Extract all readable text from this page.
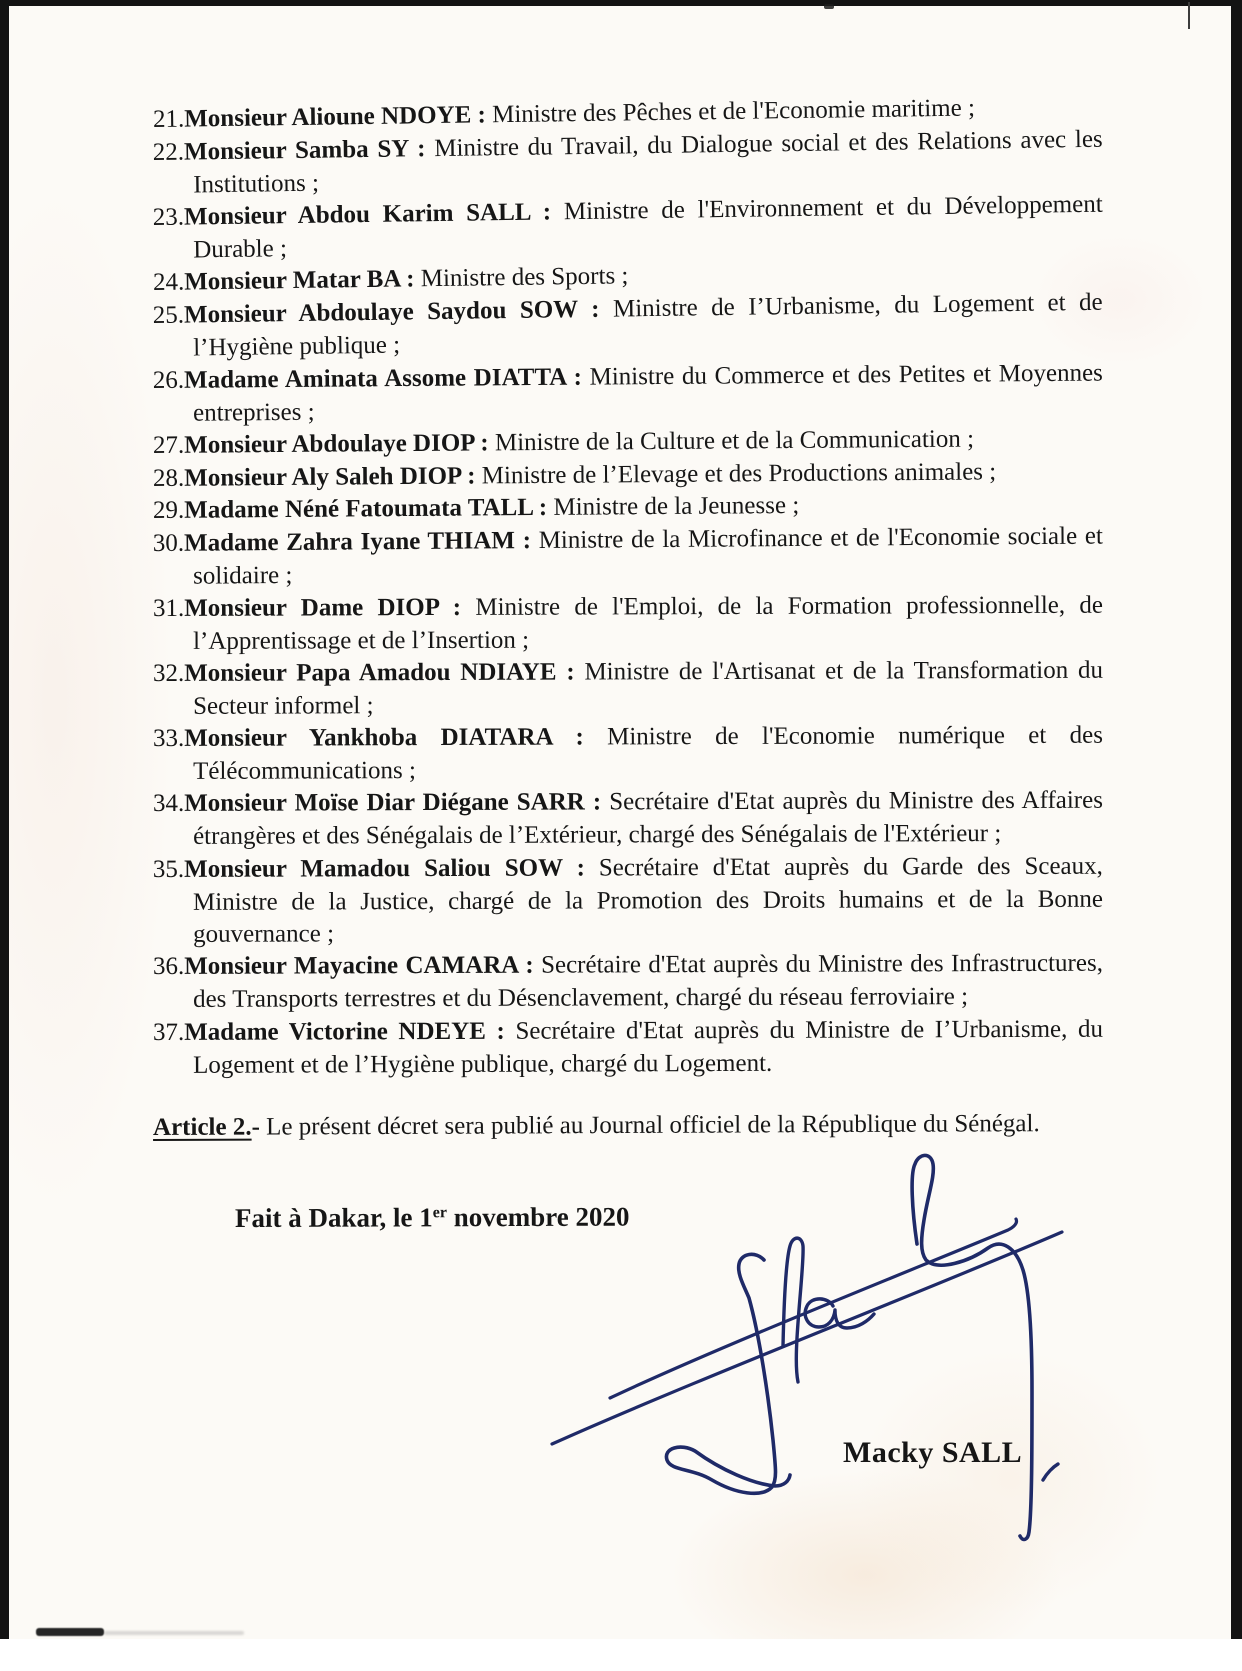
21.Monsieur Alioune NDOYE : Ministre des Pêches et de l'Economie maritime ;
22.Monsieur Samba SY : Ministre du Travail, du Dialogue social et des Relations avec les Institutions ;
23.Monsieur Abdou Karim SALL : Ministre de l'Environnement et du Développement Durable ;
24.Monsieur Matar BA : Ministre des Sports ;
25.Monsieur Abdoulaye Saydou SOW : Ministre de I’Urbanisme, du Logement et de l’Hygiène publique ;
26.Madame Aminata Assome DIATTA : Ministre du Commerce et des Petites et Moyennes entreprises ;
27.Monsieur Abdoulaye DIOP : Ministre de la Culture et de la Communication ;
28.Monsieur Aly Saleh DIOP : Ministre de l’Elevage et des Productions animales ;
29.Madame Néné Fatoumata TALL : Ministre de la Jeunesse ;
30.Madame Zahra Iyane THIAM : Ministre de la Microfinance et de l'Economie sociale et solidaire ;
31.Monsieur Dame DIOP : Ministre de l'Emploi, de la Formation professionnelle, de l’Apprentissage et de l’Insertion ;
32.Monsieur Papa Amadou NDIAYE : Ministre de l'Artisanat et de la Transformation du Secteur informel ;
33.Monsieur Yankhoba DIATARA : Ministre de l'Economie numérique et des Télécommunications ;
34.Monsieur Moïse Diar Diégane SARR : Secrétaire d'Etat auprès du Ministre des Affaires étrangères et des Sénégalais de l’Extérieur, chargé des Sénégalais de l'Extérieur ;
35.Monsieur Mamadou Saliou SOW : Secrétaire d'Etat auprès du Garde des Sceaux, Ministre de la Justice, chargé de la Promotion des Droits humains et de la Bonne gouvernance ;
36.Monsieur Mayacine CAMARA : Secrétaire d'Etat auprès du Ministre des Infrastructures, des Transports terrestres et du Désenclavement, chargé du réseau ferroviaire ;
37.Madame Victorine NDEYE : Secrétaire d'Etat auprès du Ministre de I’Urbanisme, du Logement et de l’Hygiène publique, chargé du Logement.
Article 2.- Le présent décret sera publié au Journal officiel de la République du Sénégal.
Fait à Dakar, le 1er novembre 2020
Macky SALL
